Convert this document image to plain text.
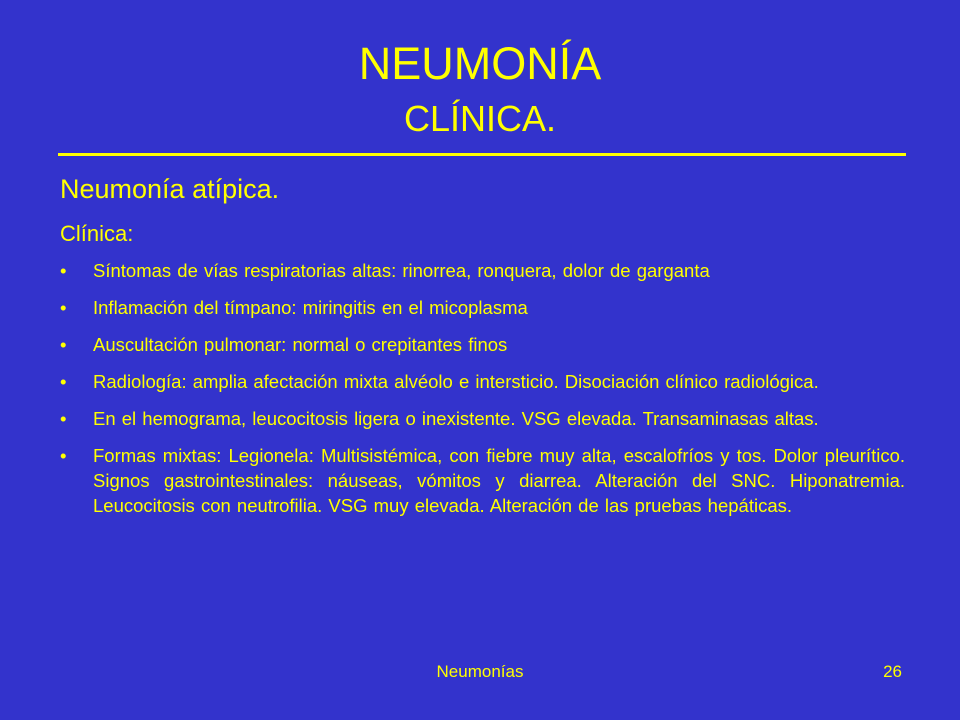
NEUMONÍA
CLÍNICA.
Neumonía atípica.
Clínica:
• Síntomas de vías respiratorias altas: rinorrea, ronquera, dolor de garganta
• Inflamación del tímpano: miringitis en el micoplasma
• Auscultación pulmonar: normal o crepitantes finos
• Radiología: amplia afectación mixta alvéolo e intersticio. Disociación clínico radiológica.
• En el hemograma, leucocitosis ligera o inexistente. VSG elevada. Transaminasas altas.
• Formas mixtas: Legionela: Multisistémica, con fiebre muy alta, escalofríos y tos. Dolor pleurítico. Signos gastrointestinales: náuseas, vómitos y diarrea. Alteración del SNC. Hiponatremia. Leucocitosis con neutrofilia. VSG muy elevada. Alteración de las pruebas hepáticas.
Neumonías	26
